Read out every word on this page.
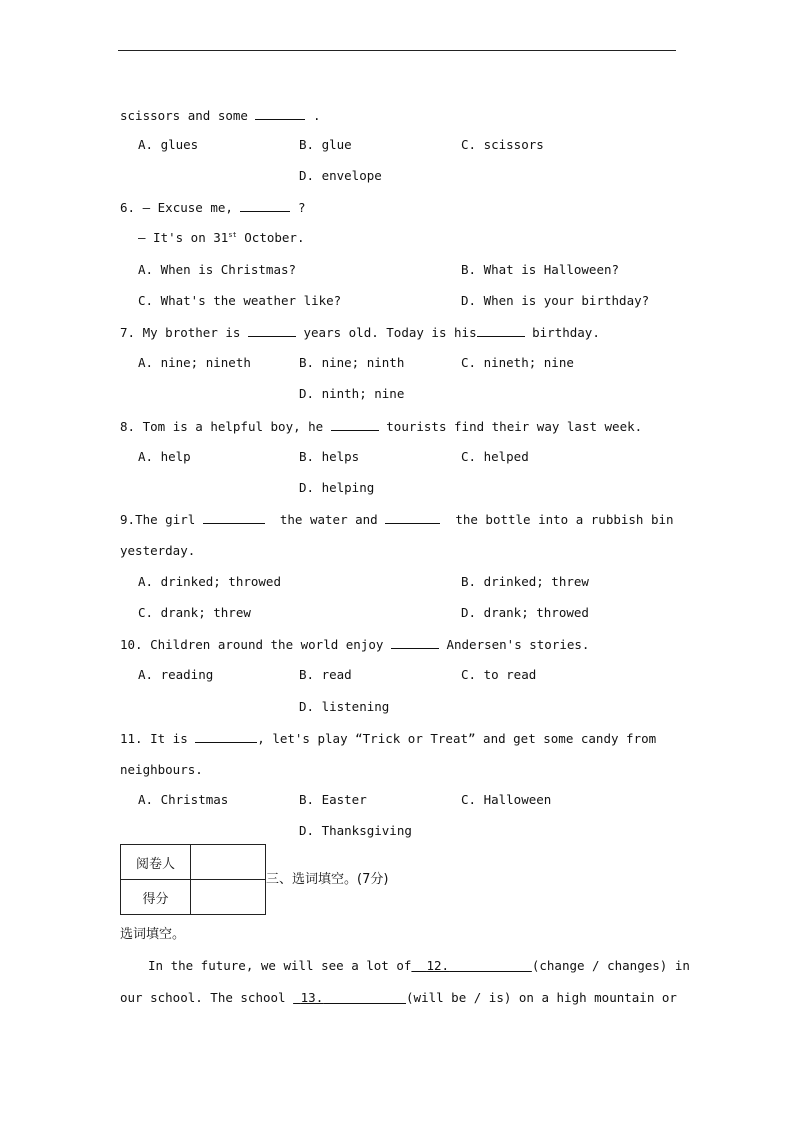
scissors and some	.
A. glues	B. glue	C. scissors
D. envelope
6. — Excuse me,	?
— It's on 31st October.
A. When is Christmas?	B. What is Halloween?
C. What's the weather like?	D. When is your birthday?
7. My brother is	years old. Today is his	birthday.
A. nine; nineth	B. nine; ninth	C. nineth; nine
D. ninth; nine
8. Tom is a helpful boy, he	tourists find their way last week.
A. help	B. helps	C. helped
D. helping
9.The girl	the water and	the bottle into a rubbish bin
yesterday.
A. drinked; throwed	B. drinked; threw
C. drank; threw	D. drank; throwed
10. Children around the world enjoy	Andersen's stories.
A. reading	B. read	C. to read
D. listening
11. It is	, let's play “Trick or Treat” and get some candy from
neighbours.
A. Christmas	B. Easter	C. Halloween
D. Thanksgiving
阅卷人	
得分	
三、选词填空。(7分)
选词填空。
In the future, we will see a lot of 12.	(change / changes) in
our school. The school 13.	(will be / is) on a high mountain or
